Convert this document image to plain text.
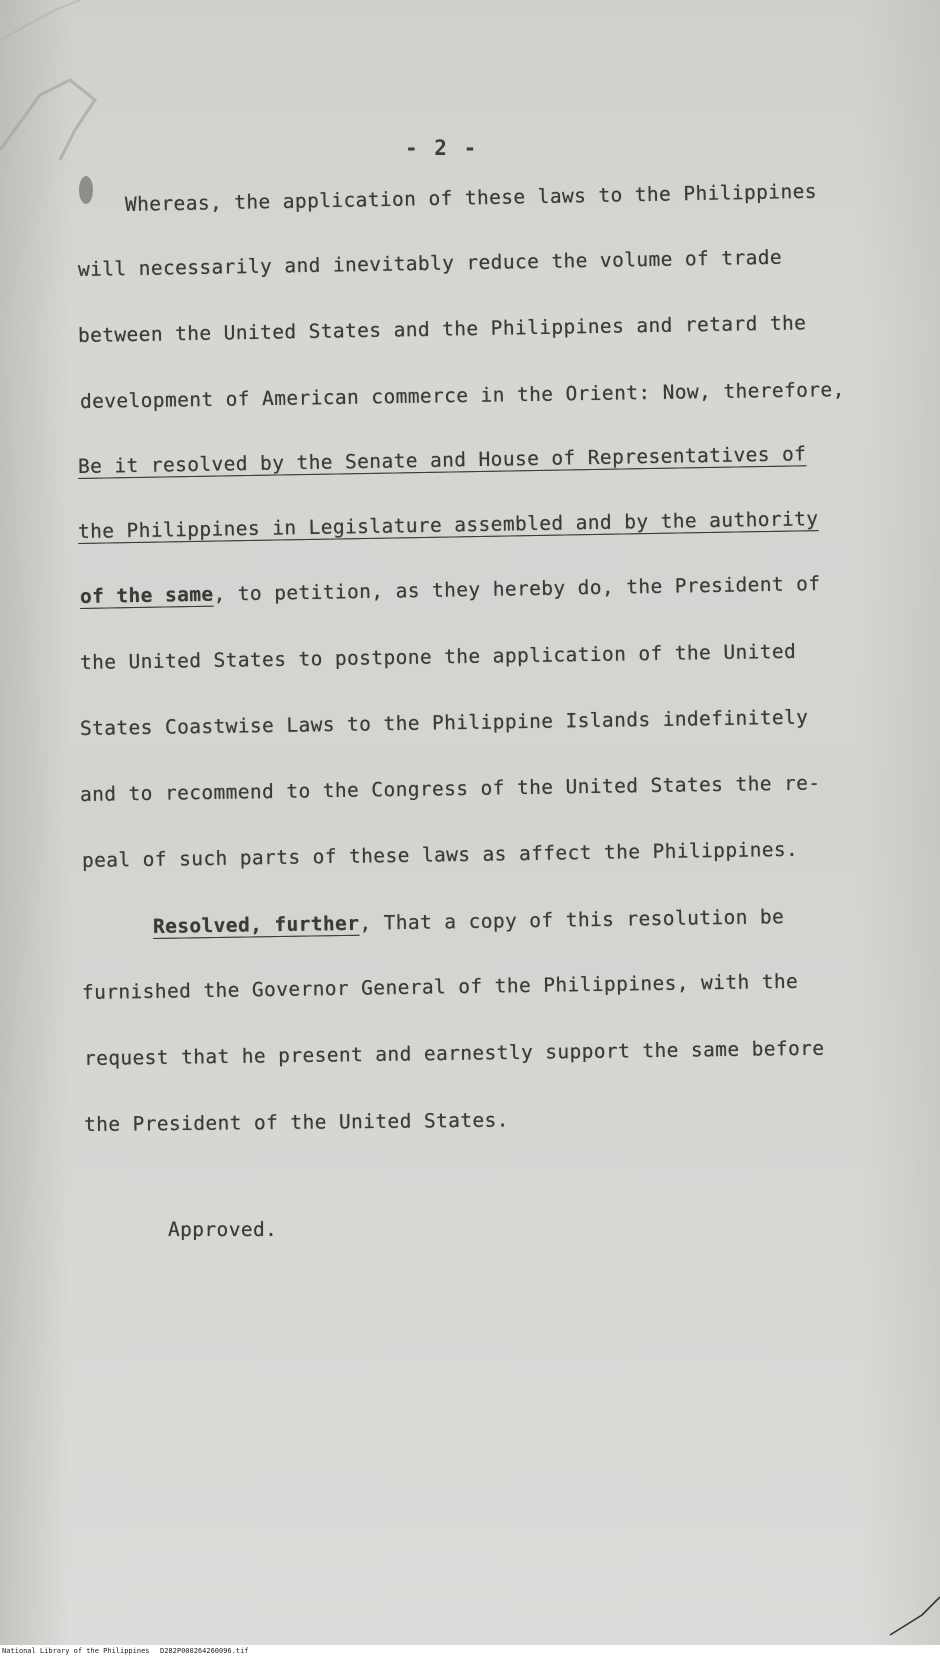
- 2 -
Whereas, the application of these laws to the Philippines
will necessarily and inevitably reduce the volume of trade
between the United States and the Philippines and retard the
development of American commerce in the Orient: Now, therefore,
Be it resolved by the Senate and House of Representatives of
the Philippines in Legislature assembled and by the authority
of the same, to petition, as they hereby do, the President of
the United States to postpone the application of the United
States Coastwise Laws to the Philippine Islands indefinitely
and to recommend to the Congress of the United States the re-
peal of such parts of these laws as affect the Philippines.
Resolved, further, That a copy of this resolution be
furnished the Governor General of the Philippines, with the
request that he present and earnestly support the same before
the President of the United States.
Approved.
National Library of the Philippines D282P000264260096.tif
